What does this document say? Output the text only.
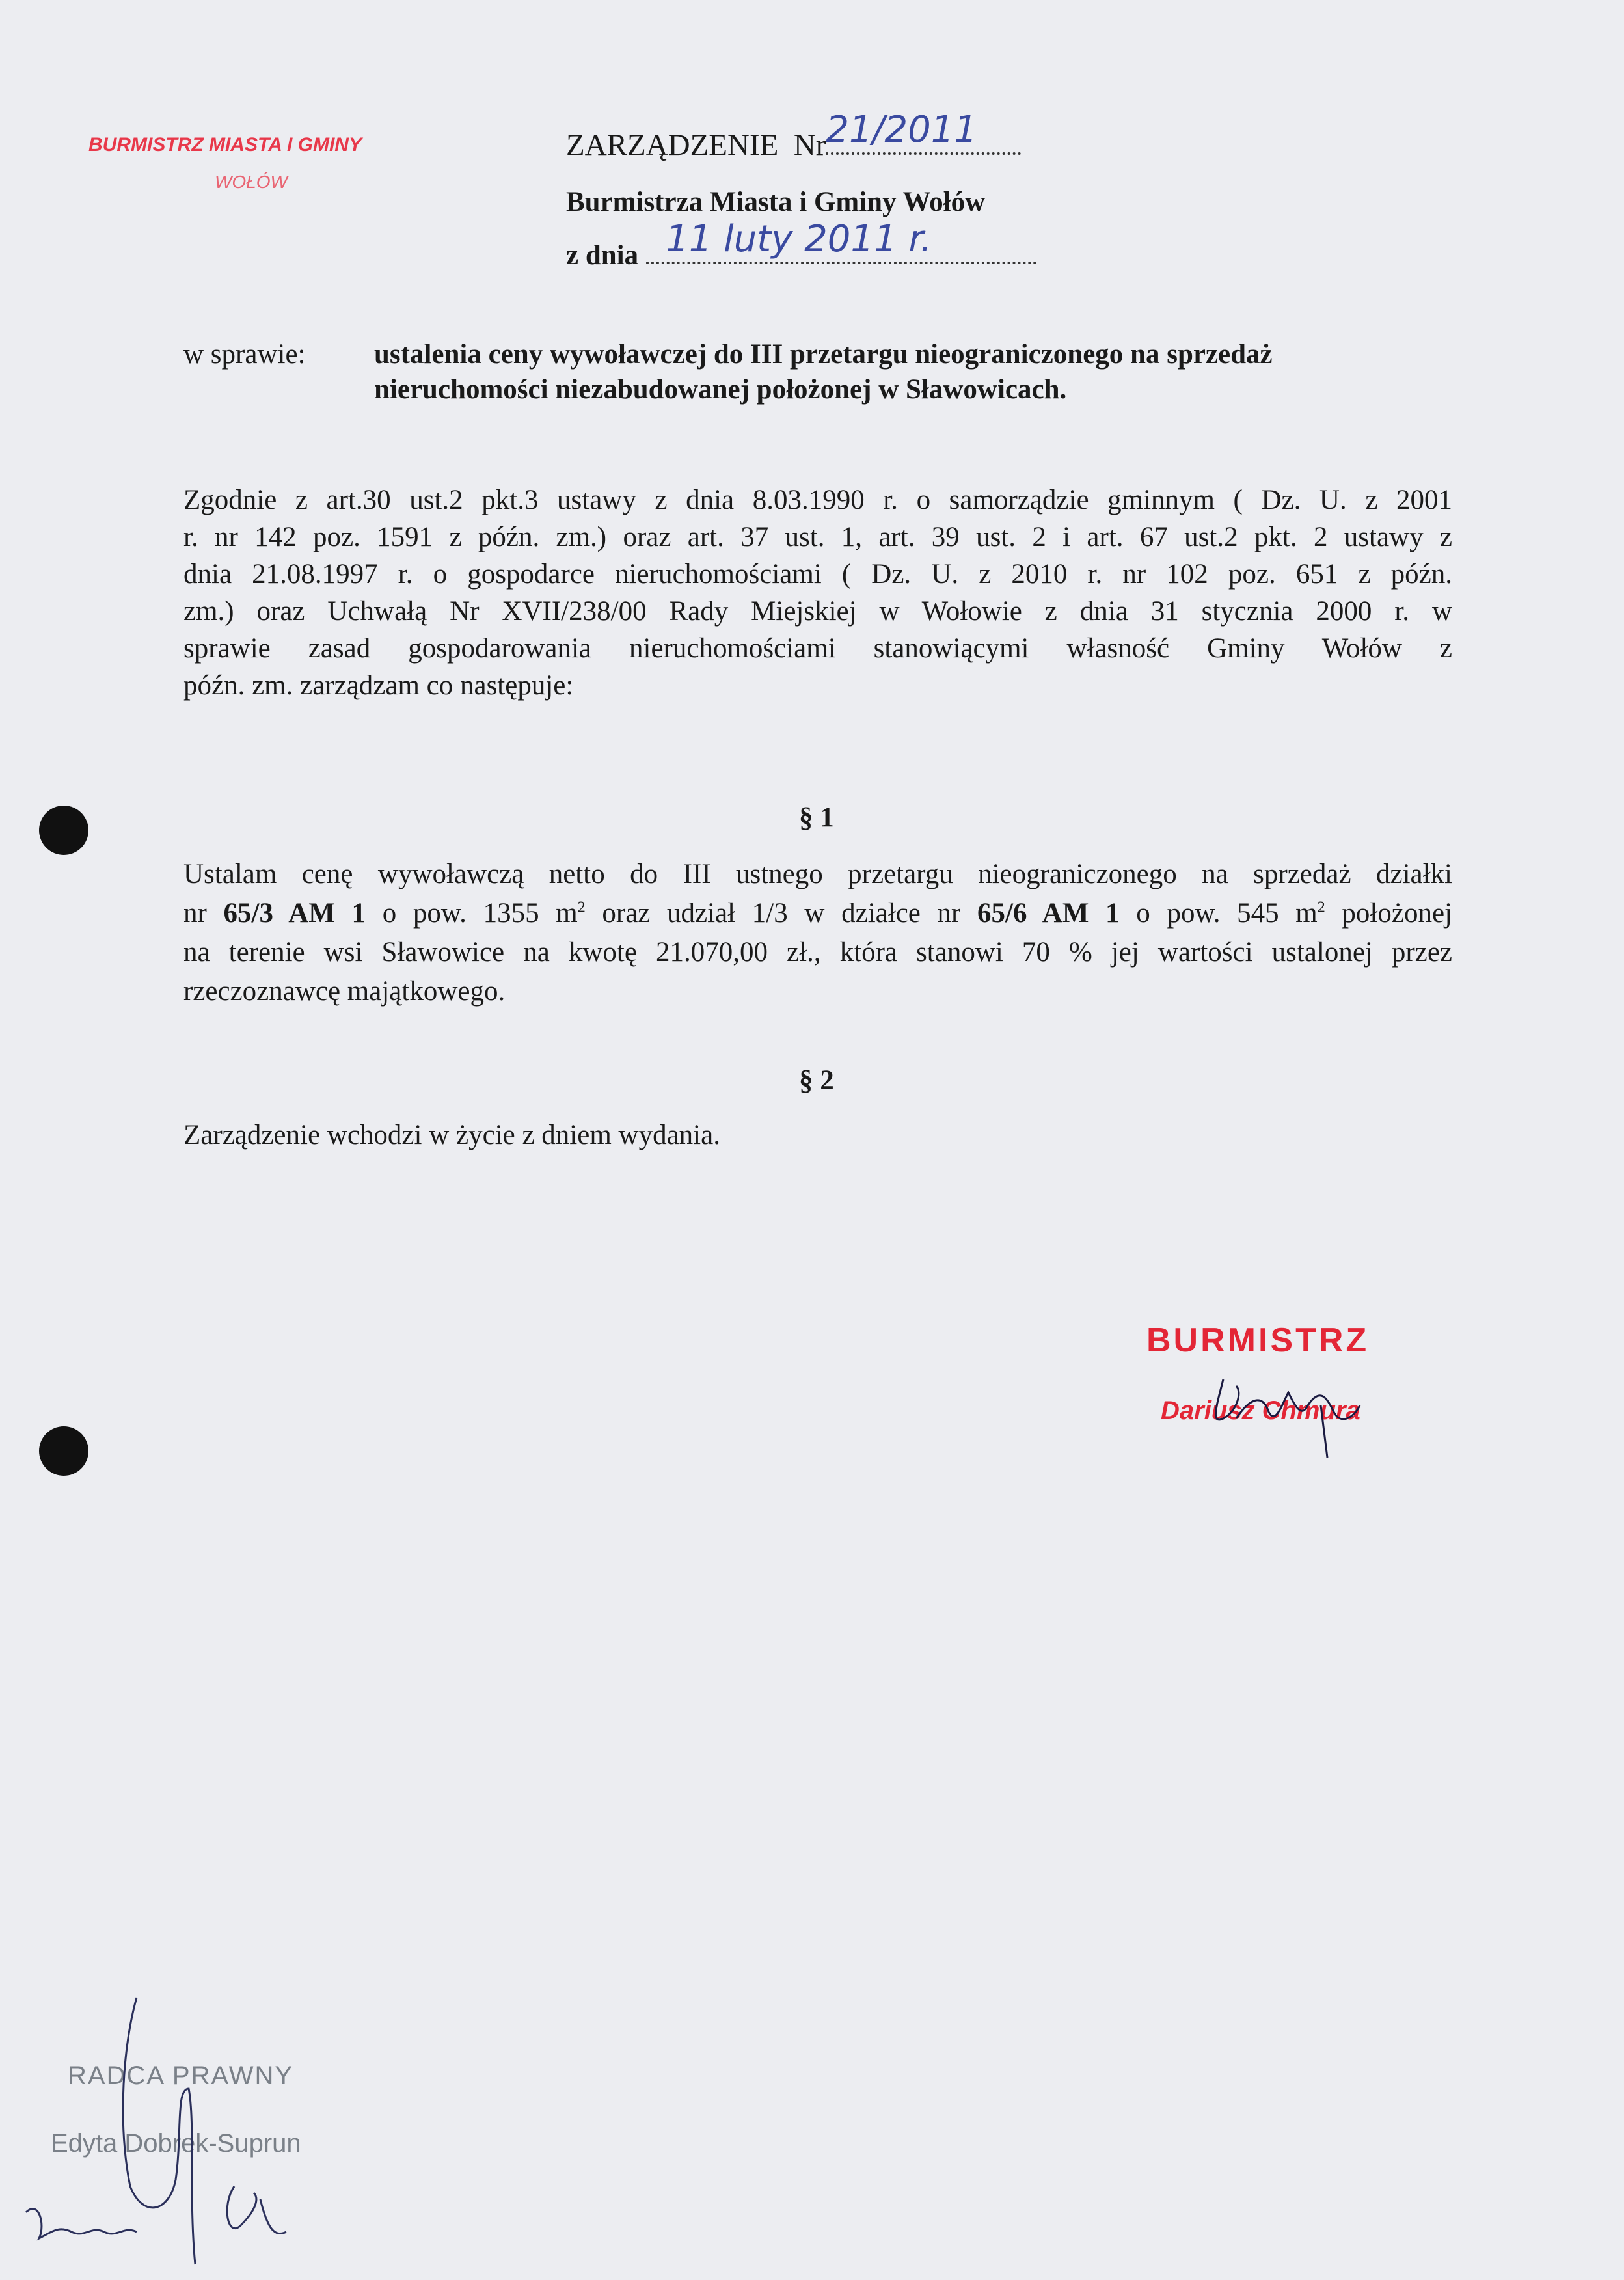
BURMISTRZ MIASTA I GMINY
WOŁÓW
ZARZĄDZENIE Nr 21/2011
Burmistrza Miasta i Gminy Wołów
z dnia 11 luty 2011 r.
w sprawie: ustalenia ceny wywoławczej do III przetargu nieograniczonego na sprzedaż
nieruchomości niezabudowanej położonej w Sławowicach.
Zgodnie z art.30 ust.2 pkt.3 ustawy z dnia 8.03.1990 r. o samorządzie gminnym ( Dz. U. z 2001
r. nr 142 poz. 1591 z późn. zm.) oraz art. 37 ust. 1, art. 39 ust. 2 i art. 67 ust.2 pkt. 2 ustawy z
dnia 21.08.1997 r. o gospodarce nieruchomościami ( Dz. U. z 2010 r. nr 102 poz. 651 z późn.
zm.) oraz Uchwałą Nr XVII/238/00 Rady Miejskiej w Wołowie z dnia 31 stycznia 2000 r. w
sprawie zasad gospodarowania nieruchomościami stanowiącymi własność Gminy Wołów z
późn. zm. zarządzam co następuje:
§ 1
Ustalam cenę wywoławczą netto do III ustnego przetargu nieograniczonego na sprzedaż działki
nr 65/3 AM 1 o pow. 1355 $m^2$ oraz udział 1/3 w działce nr 65/6 AM 1 o pow. 545 $m^2$ położonej
na terenie wsi Sławowice na kwotę 21.070,00 zł., która stanowi 70 % jej wartości ustalonej przez
rzeczoznawcę majątkowego.
§ 2
Zarządzenie wchodzi w życie z dniem wydania.
BURMISTRZ
Dariusz Chmura
RADCA PRAWNY
Edyta Dobrek-Suprun
